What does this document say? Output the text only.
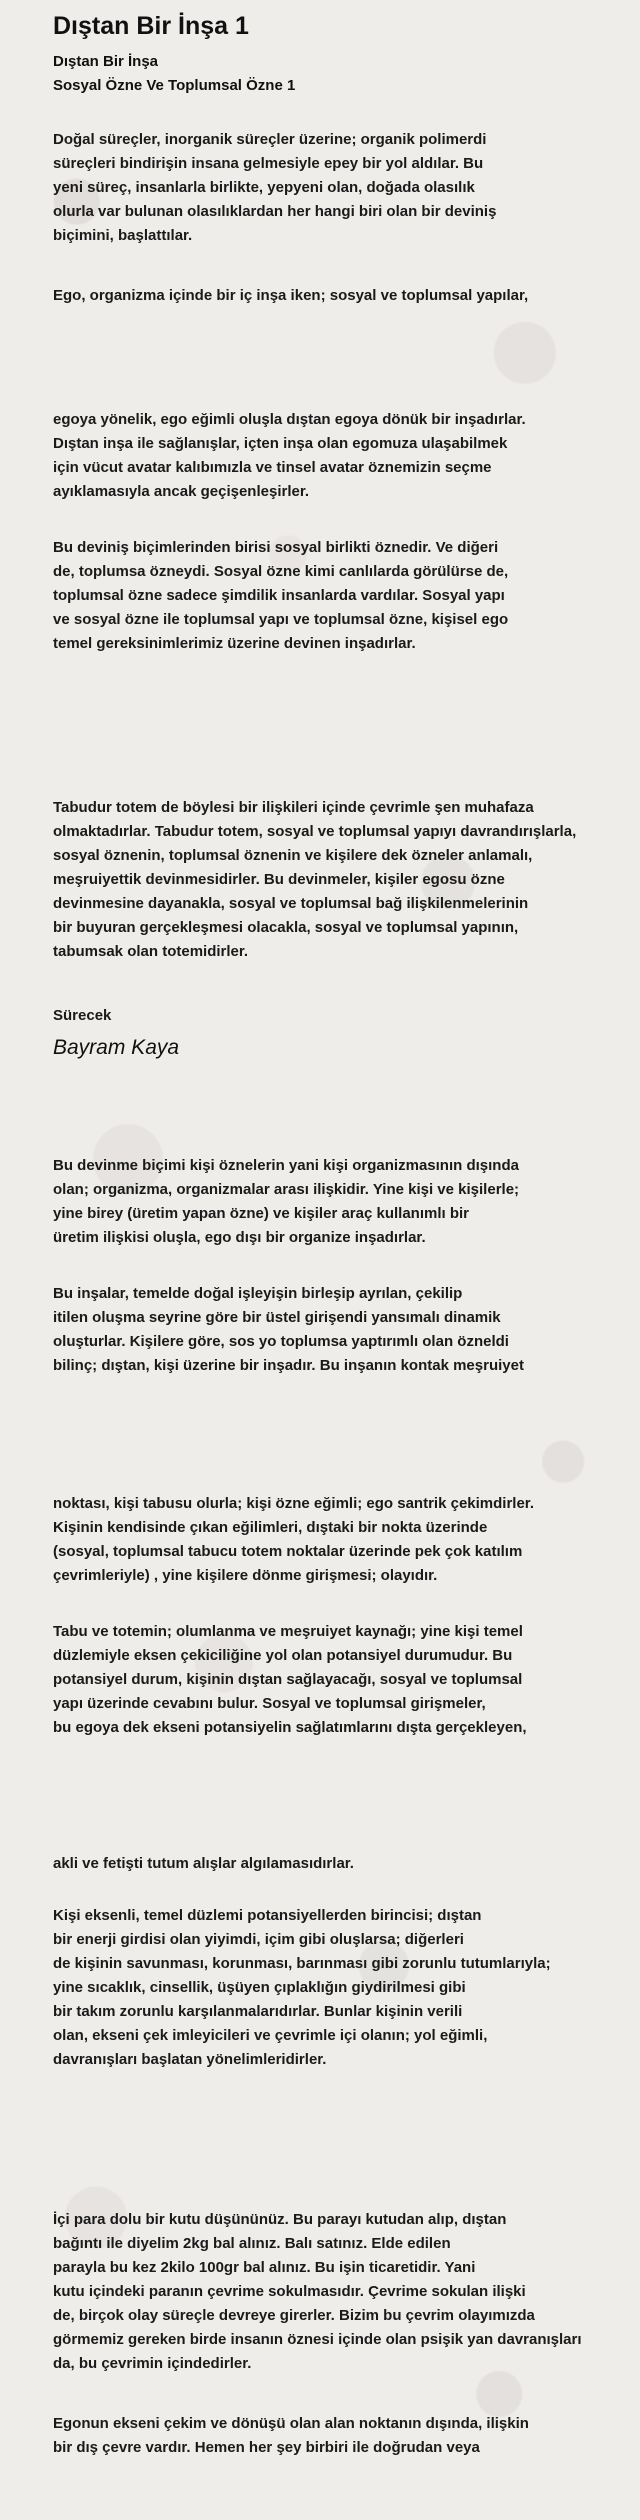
Dıştan Bir İnşa 1

Dıştan Bir İnşa

Sosyal Özne Ve Toplumsal Özne 1

Doğal süreçler, inorganik süreçler üzerine; organik polimerdi
süreçleri bindirişin insana gelmesiyle epey bir yol aldılar. Bu
yeni süreç, insanlarla birlikte, yepyeni olan, doğada olasılık
olurla var bulunan olasılıklardan her hangi biri olan bir deviniş
biçimini, başlattılar.

Ego, organizma içinde bir iç inşa iken; sosyal ve toplumsal yapılar,

egoya yönelik, ego eğimli oluşla dıştan egoya dönük bir inşadırlar.
Dıştan inşa ile sağlanışlar, içten inşa olan egomuza ulaşabilmek
için vücut avatar kalıbımızla ve tinsel avatar öznemizin seçme
ayıklamasıyla ancak geçişenleşirler.

Bu deviniş biçimlerinden birisi sosyal birlikti öznedir. Ve diğeri
de, toplumsa özneydi. Sosyal özne kimi canlılarda görülürse de,
toplumsal özne sadece şimdilik insanlarda vardılar. Sosyal yapı
ve sosyal özne ile toplumsal yapı ve toplumsal özne, kişisel ego
temel gereksinimlerimiz üzerine devinen inşadırlar.

Tabudur totem de böylesi bir ilişkileri içinde çevrimle şen muhafaza
olmaktadırlar. Tabudur totem, sosyal ve toplumsal yapıyı davrandırışlarla,
sosyal öznenin, toplumsal öznenin ve kişilere dek özneler anlamalı,
meşruiyettik devinmesidirler. Bu devinmeler, kişiler egosu özne
devinmesine dayanakla, sosyal ve toplumsal bağ ilişkilenmelerinin
bir buyuran gerçekleşmesi olacakla, sosyal ve toplumsal yapının,
tabumsak olan totemidirler.

Sürecek

Bayram Kaya

Bu devinme biçimi kişi öznelerin yani kişi organizmasının dışında
olan; organizma, organizmalar arası ilişkidir. Yine kişi ve kişilerle;
yine birey (üretim yapan özne) ve kişiler araç kullanımlı bir
üretim ilişkisi oluşla, ego dışı bir organize inşadırlar.

Bu inşalar, temelde doğal işleyişin birleşip ayrılan, çekilip
itilen oluşma seyrine göre bir üstel girişendi yansımalı dinamik
oluşturlar. Kişilere göre, sos yo toplumsa yaptırımlı olan özneldi
bilinç; dıştan, kişi üzerine bir inşadır. Bu inşanın kontak meşruiyet

noktası, kişi tabusu olurla; kişi özne eğimli; ego santrik çekimdirler.
Kişinin kendisinde çıkan eğilimleri, dıştaki bir nokta üzerinde
(sosyal, toplumsal tabucu totem noktalar üzerinde pek çok katılım
çevrimleriyle) , yine kişilere dönme girişmesi; olayıdır.

Tabu ve totemin; olumlanma ve meşruiyet kaynağı; yine kişi temel
düzlemiyle eksen çekiciliğine yol olan potansiyel durumudur. Bu
potansiyel durum, kişinin dıştan sağlayacağı, sosyal ve toplumsal
yapı üzerinde cevabını bulur. Sosyal ve toplumsal girişmeler,
bu egoya dek ekseni potansiyelin sağlatımlarını dışta gerçekleyen,

akli ve fetişti tutum alışlar algılamasıdırlar.

Kişi eksenli, temel düzlemi potansiyellerden birincisi; dıştan
bir enerji girdisi olan yiyimdi, içim gibi oluşlarsa; diğerleri
de kişinin savunması, korunması, barınması gibi zorunlu tutumlarıyla;
yine sıcaklık, cinsellik, üşüyen çıplaklığın giydirilmesi gibi
bir takım zorunlu karşılanmalarıdırlar. Bunlar kişinin verili
olan, ekseni çek imleyicileri ve çevrimle içi olanın; yol eğimli,
davranışları başlatan yönelimleridirler.

İçi para dolu bir kutu düşününüz. Bu parayı kutudan alıp, dıştan
bağıntı ile diyelim 2kg bal alınız. Balı satınız. Elde edilen
parayla bu kez 2kilo 100gr bal alınız. Bu işin ticaretidir. Yani
kutu içindeki paranın çevrime sokulmasıdır. Çevrime sokulan ilişki
de, birçok olay süreçle devreye girerler. Bizim bu çevrim olayımızda
görmemiz gereken birde insanın öznesi içinde olan psişik yan davranışları
da, bu çevrimin içindedirler.

Egonun ekseni çekim ve dönüşü olan alan noktanın dışında, ilişkin
bir dış çevre vardır. Hemen her şey birbiri ile doğrudan veya
